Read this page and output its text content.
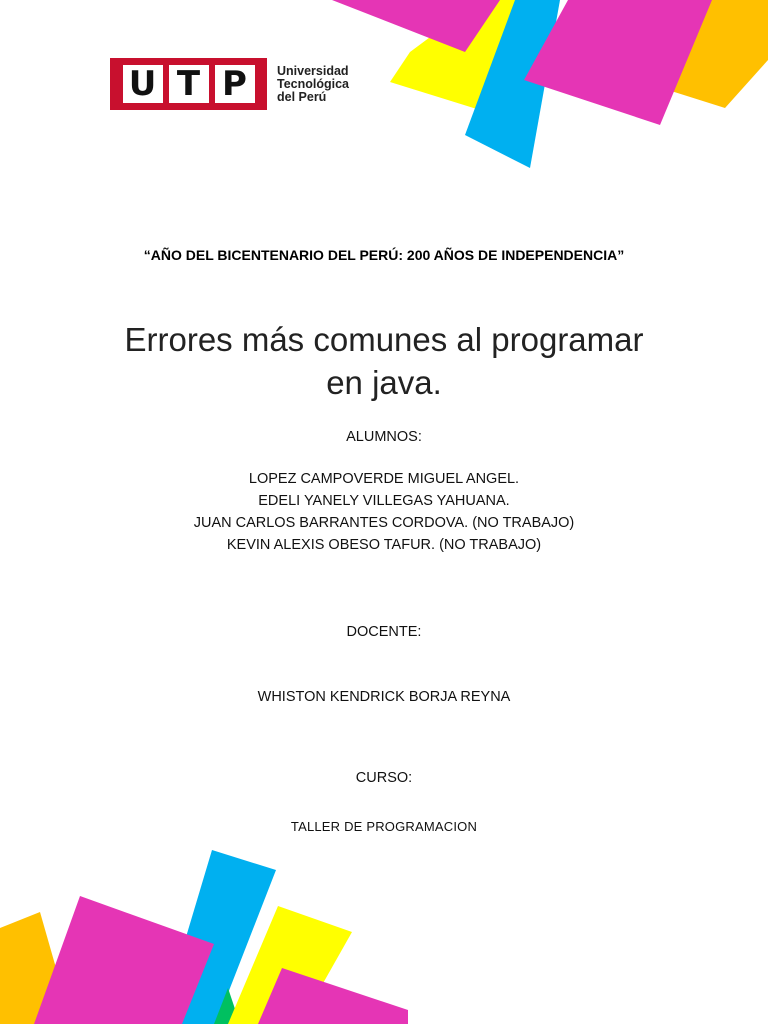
U T P	Universidad
Tecnológica
del Perú
“AÑO DEL BICENTENARIO DEL PERÚ: 200 AÑOS DE INDEPENDENCIA”
Errores más comunes al programar
en java.
ALUMNOS:
LOPEZ CAMPOVERDE MIGUEL ANGEL.
EDELI YANELY VILLEGAS YAHUANA.
JUAN CARLOS BARRANTES CORDOVA. (NO TRABAJO)
KEVIN ALEXIS OBESO TAFUR. (NO TRABAJO)
DOCENTE:
WHISTON KENDRICK BORJA REYNA
CURSO:
TALLER DE PROGRAMACION
